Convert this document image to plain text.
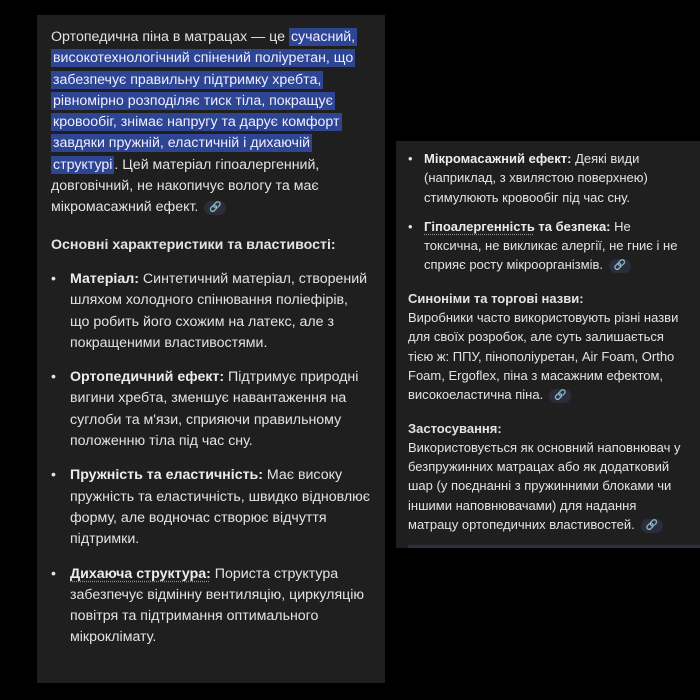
Ортопедична піна в матрацах — це сучасний, високотехнологічний спінений поліуретан, що забезпечує правильну підтримку хребта, рівномірно розподіляє тиск тіла, покращує кровообіг, знімає напругу та дарує комфорт завдяки пружній, еластичній і дихаючій структурі . Цей матеріал гіпоалергенний, довговічний, не накопичує вологу та має мікромасажний ефект. 🔗

Основні характеристики та властивості:

• Матеріал: Синтетичний матеріал, створений шляхом холодного спінювання поліефірів, що робить його схожим на латекс, але з покращеними властивостями.
• Ортопедичний ефект: Підтримує природні вигини хребта, зменшує навантаження на суглоби та м'язи, сприяючи правильному положенню тіла під час сну.
• Пружність та еластичність: Має високу пружність та еластичність, швидко відновлює форму, але водночас створює відчуття підтримки.
• Дихаюча структура: Пориста структура забезпечує відмінну вентиляцію, циркуляцію повітря та підтримання оптимального мікроклімату.
• Мікромасажний ефект: Деякі види (наприклад, з хвилястою поверхнею) стимулюють кровообіг під час сну.
• Гіпоалергенність та безпека: Не токсична, не викликає алергії, не гниє і не сприяє росту мікроорганізмів. 🔗

Синоніми та торгові назви:

Виробники часто використовують різні назви для своїх розробок, але суть залишається тією ж: ППУ, пінополіуретан, Air Foam, Ortho Foam, Ergoflex, піна з масажним ефектом, високоеластична піна. 🔗

Застосування:

Використовується як основний наповнювач у безпружинних матрацах або як додатковий шар (у поєднанні з пружинними блоками чи іншими наповнювачами) для надання матрацу ортопедичних властивостей. 🔗
